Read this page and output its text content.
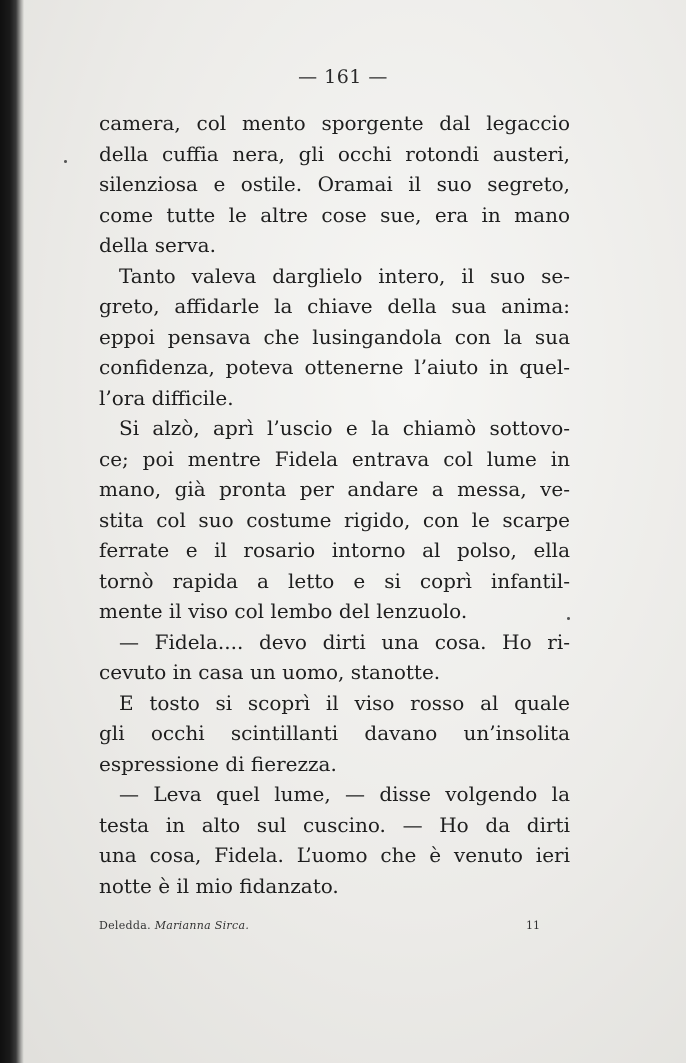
— 161 —
camera, col mento sporgente dal legaccio
della cuffia nera, gli occhi rotondi austeri,
silenziosa e ostile. Oramai il suo segreto,
come tutte le altre cose sue, era in mano
della serva.
Tanto valeva darglielo intero, il suo se-
greto, affidarle la chiave della sua anima:
eppoi pensava che lusingandola con la sua
confidenza, poteva ottenerne l’aiuto in quel-
l’ora difficile.
Si alzò, aprì l’uscio e la chiamò sottovo-
ce; poi mentre Fidela entrava col lume in
mano, già pronta per andare a messa, ve-
stita col suo costume rigido, con le scarpe
ferrate e il rosario intorno al polso, ella
tornò rapida a letto e si coprì infantil-
mente il viso col lembo del lenzuolo.
— Fidela.... devo dirti una cosa. Ho ri-
cevuto in casa un uomo, stanotte.
E tosto si scoprì il viso rosso al quale
gli occhi scintillanti davano un’insolita
espressione di fierezza.
— Leva quel lume, — disse volgendo la
testa in alto sul cuscino. — Ho da dirti
una cosa, Fidela. L’uomo che è venuto ieri
notte è il mio fidanzato.
Deledda. Marianna Sirca.	11
